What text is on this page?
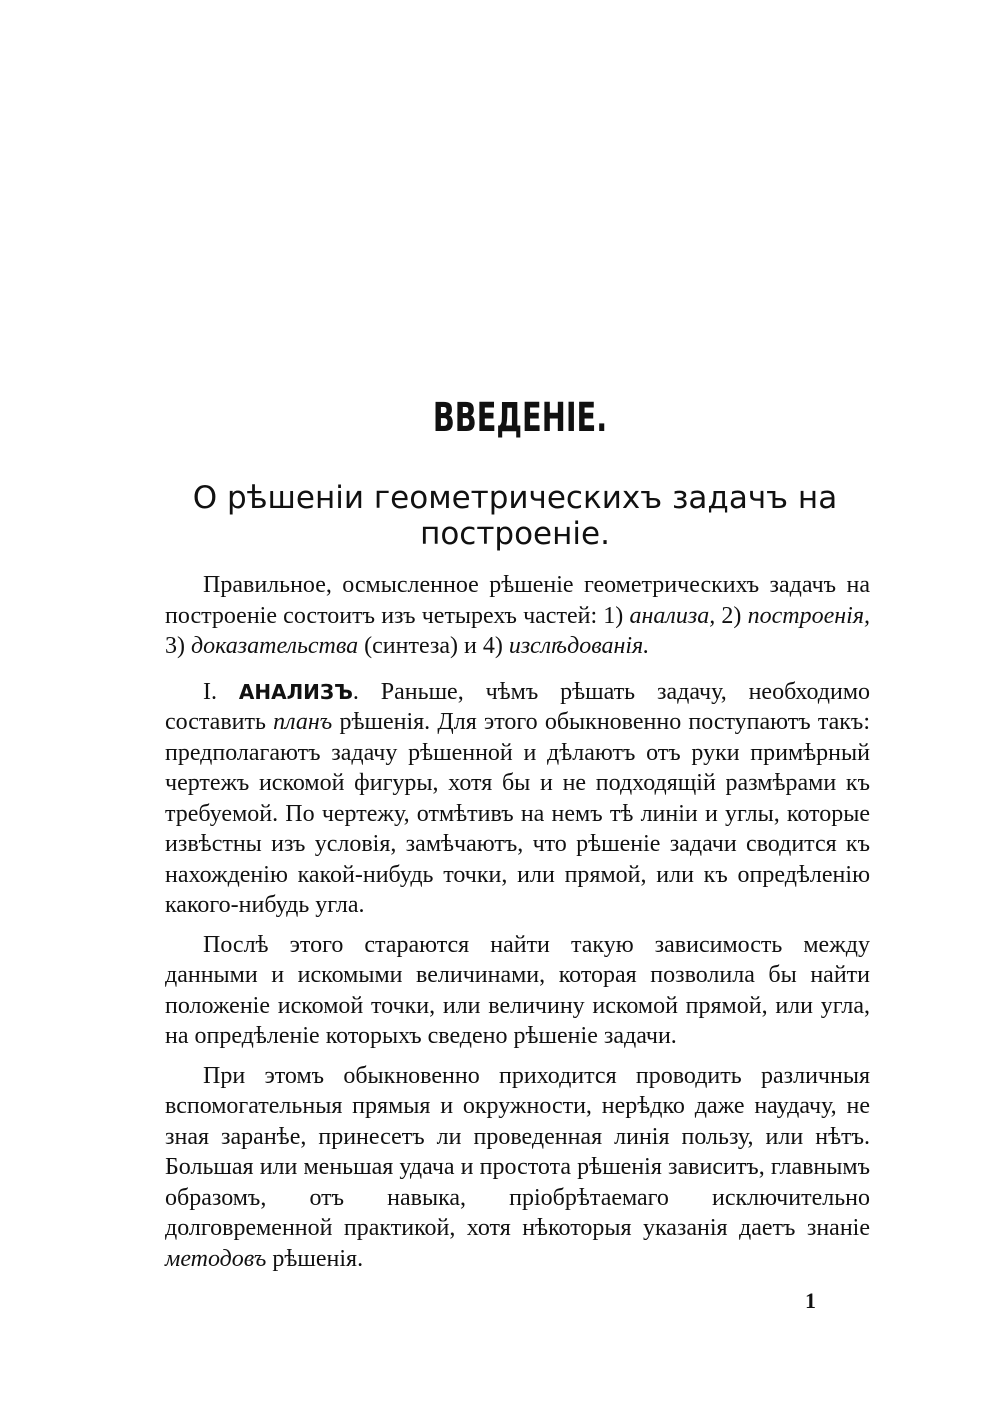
ВВЕДЕНІЕ.
О рѣшеніи геометрическихъ задачъ на построеніе.

Правильное, осмысленное рѣшеніе геометрическихъ задачъ на построеніе состоитъ изъ четырехъ частей: 1) анализа, 2) построенія, 3) доказательства (синтеза) и 4) изслѣдованія.

I. АНАЛИЗЪ. Раньше, чѣмъ рѣшать задачу, необходимо составить планъ рѣшенія. Для этого обыкновенно поступаютъ такъ: предполагаютъ задачу рѣшенной и дѣлаютъ отъ руки примѣрный чертежъ искомой фигуры, хотя бы и не подходящій размѣрами къ требуемой. По чертежу, отмѣтивъ на немъ тѣ линіи и углы, которые извѣстны изъ условія, замѣчаютъ, что рѣшеніе задачи сводится къ нахожденію какой-нибудь точки, или прямой, или къ опредѣленію какого-нибудь угла.

Послѣ этого стараются найти такую зависимость между данными и искомыми величинами, которая позволила бы найти положеніе искомой точки, или величину искомой прямой, или угла, на опредѣленіе которыхъ сведено рѣшеніе задачи.

При этомъ обыкновенно приходится проводить различныя вспомогательныя прямыя и окружности, нерѣдко даже наудачу, не зная заранѣе, принесетъ ли проведенная линія пользу, или нѣтъ. Большая или меньшая удача и простота рѣшенія зависитъ, главнымъ образомъ, отъ навыка, пріобрѣтаемаго исключительно долговременной практикой, хотя нѣкоторыя указанія даетъ знаніе методовъ рѣшенія.

1
